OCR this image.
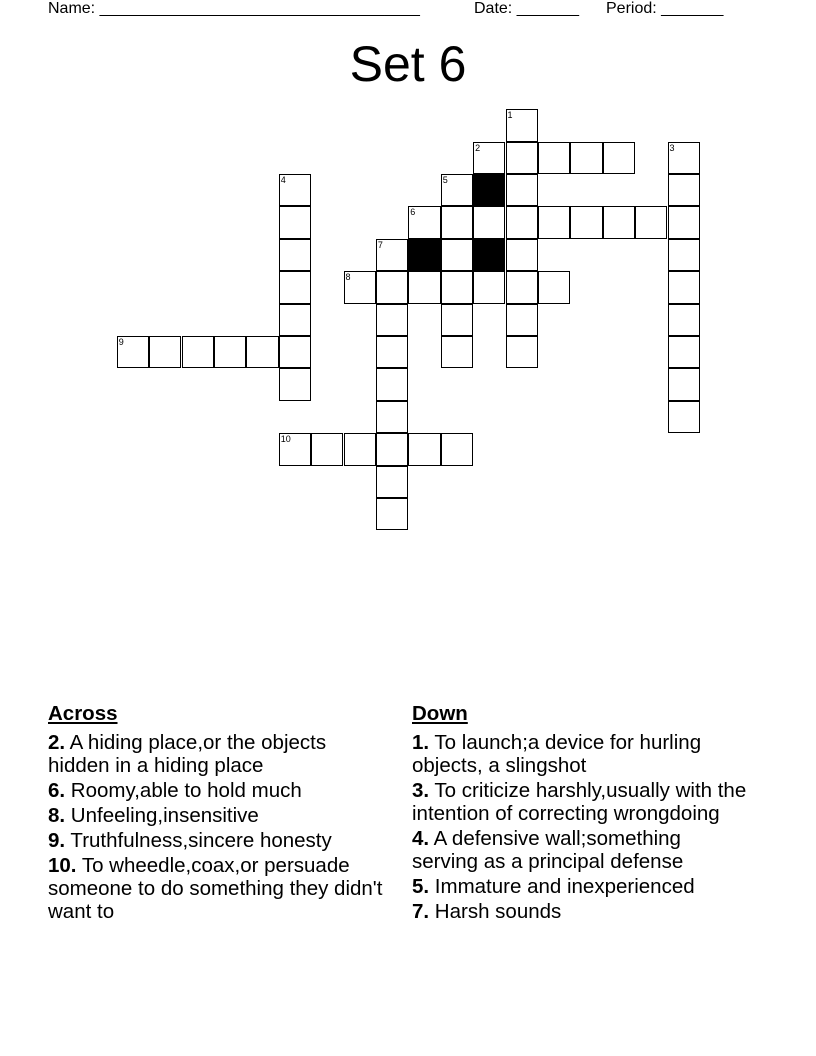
Name: ____________________________________	Date: _______ Period: _______
Set 6
1
2	3
4	5
6
7
8
9
10
Across
2. A hiding place,or the objects hidden in a hiding place
6. Roomy,able to hold much
8. Unfeeling,insensitive
9. Truthfulness,sincere honesty
10. To wheedle,coax,or persuade someone to do something they didn't want to
Down
1. To launch;a device for hurling objects, a slingshot
3. To criticize harshly,usually with the intention of correcting wrongdoing
4. A defensive wall;something serving as a principal defense
5. Immature and inexperienced
7. Harsh sounds
